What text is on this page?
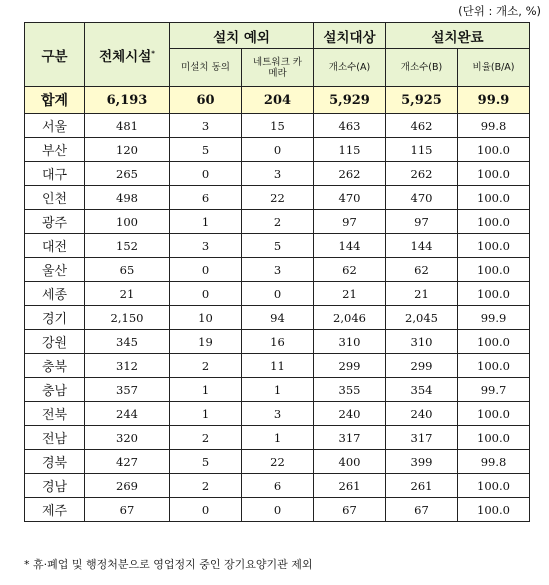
(단위 : 개소, %)
구분	전체시설*	설치 예외		설치대상	설치완료	
		미설치 동의	네트워크 카메라	개소수(A)	개소수(B)	비율(B/A)
합계	6,193	60	204	5,929	5,925	99.9
서울	481	3	15	463	462	99.8
부산	120	5	0	115	115	100.0
대구	265	0	3	262	262	100.0
인천	498	6	22	470	470	100.0
광주	100	1	2	97	97	100.0
대전	152	3	5	144	144	100.0
울산	65	0	3	62	62	100.0
세종	21	0	0	21	21	100.0
경기	2,150	10	94	2,046	2,045	99.9
강원	345	19	16	310	310	100.0
충북	312	2	11	299	299	100.0
충남	357	1	1	355	354	99.7
전북	244	1	3	240	240	100.0
전남	320	2	1	317	317	100.0
경북	427	5	22	400	399	99.8
경남	269	2	6	261	261	100.0
제주	67	0	0	67	67	100.0
* 휴·폐업 및 행정처분으로 영업정지 중인 장기요양기관 제외
